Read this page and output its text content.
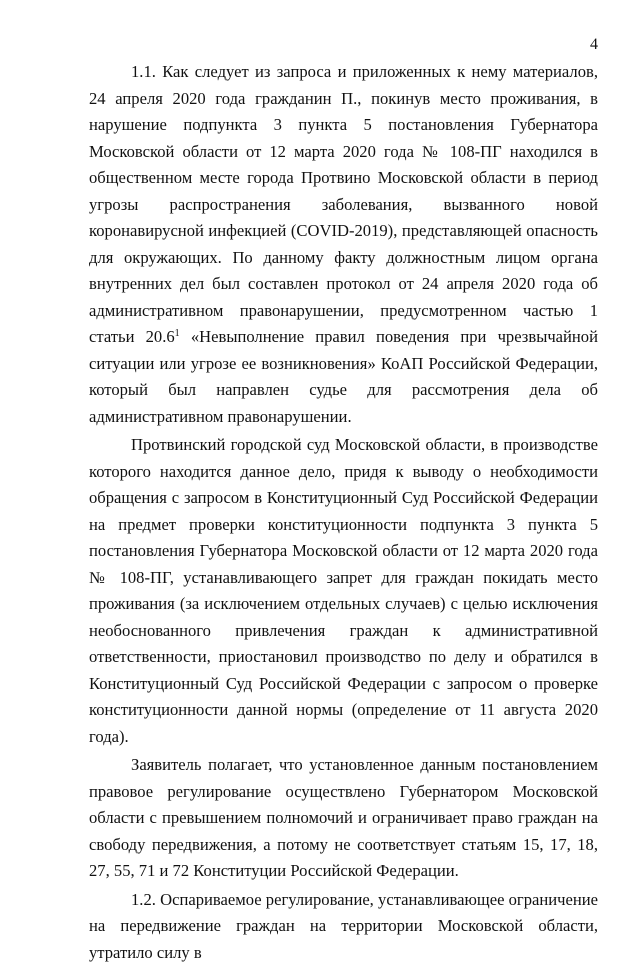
4

1.1. Как следует из запроса и приложенных к нему материалов, 24 апреля 2020 года гражданин П., покинув место проживания, в нарушение подпункта 3 пункта 5 постановления Губернатора Московской области от 12 марта 2020 года № 108-ПГ находился в общественном месте города Протвино Московской области в период угрозы распространения заболевания, вызванного новой коронавирусной инфекцией (COVID-2019), представляющей опасность для окружающих. По данному факту должностным лицом органа внутренних дел был составлен протокол от 24 апреля 2020 года об административном правонарушении, предусмотренном частью 1 статьи 20.6$^1$ «Невыполнение правил поведения при чрезвычайной ситуации или угрозе ее возникновения» КоАП Российской Федерации, который был направлен судье для рассмотрения дела об административном правонарушении.

Протвинский городской суд Московской области, в производстве которого находится данное дело, придя к выводу о необходимости обращения с запросом в Конституционный Суд Российской Федерации на предмет проверки конституционности подпункта 3 пункта 5 постановления Губернатора Московской области от 12 марта 2020 года № 108-ПГ, устанавливающего запрет для граждан покидать место проживания (за исключением отдельных случаев) с целью исключения необоснованного привлечения граждан к административной ответственности, приостановил производство по делу и обратился в Конституционный Суд Российской Федерации с запросом о проверке конституционности данной нормы (определение от 11 августа 2020 года).

Заявитель полагает, что установленное данным постановлением правовое регулирование осуществлено Губернатором Московской области с превышением полномочий и ограничивает право граждан на свободу передвижения, а потому не соответствует статьям 15, 17, 18, 27, 55, 71 и 72 Конституции Российской Федерации.

1.2. Оспариваемое регулирование, устанавливающее ограничение на передвижение граждан на территории Московской области, утратило силу в
